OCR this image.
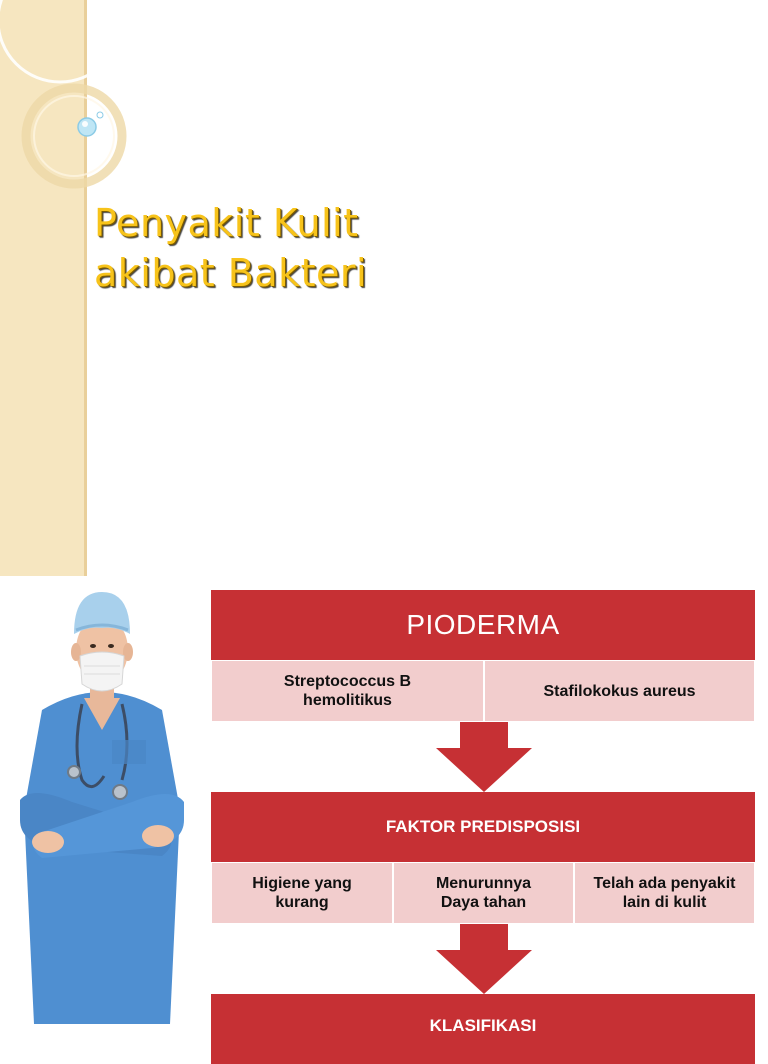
Penyakit Kulit
akibat Bakteri
PIODERMA
Streptococcus B hemolitikus
Stafilokokus aureus
FAKTOR PREDISPOSISI
Higiene yang kurang
Menurunnya Daya tahan
Telah ada penyakit lain di kulit
KLASIFIKASI
